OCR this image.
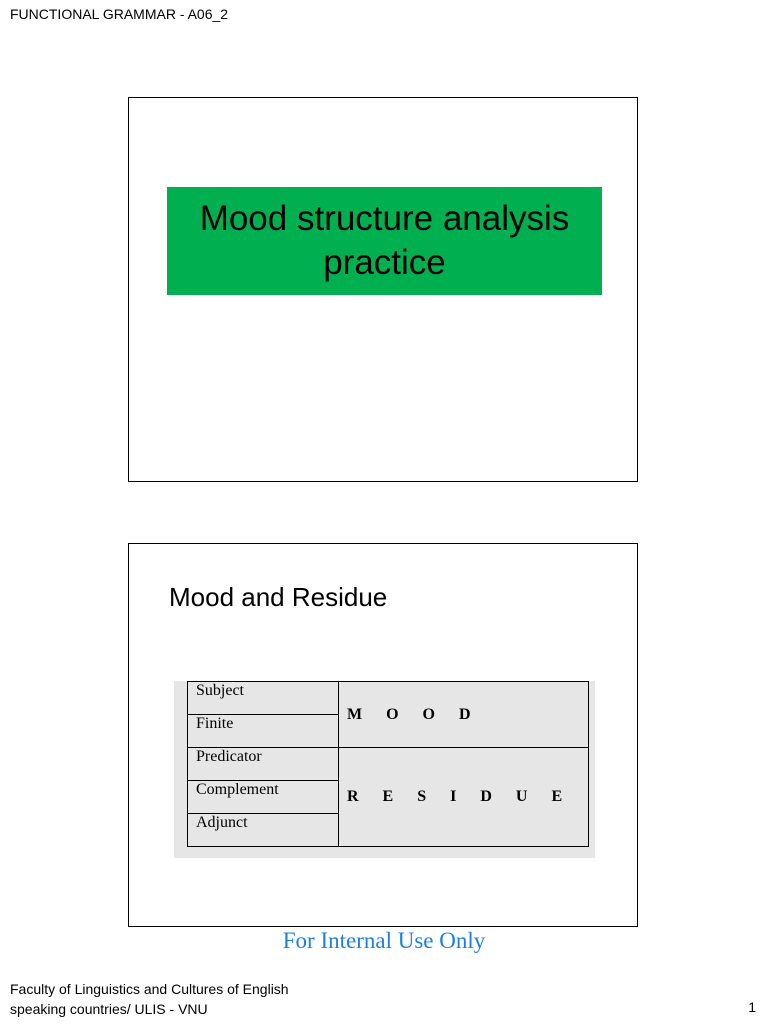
FUNCTIONAL GRAMMAR - A06_2
Mood structure analysis
practice
Mood and Residue
Subject	M O O D
Finite	
Predicator	R E S I D U E
Complement	
Adjunct	
For Internal Use Only
Faculty of Linguistics and Cultures of English
speaking countries/ ULIS - VNU	1
